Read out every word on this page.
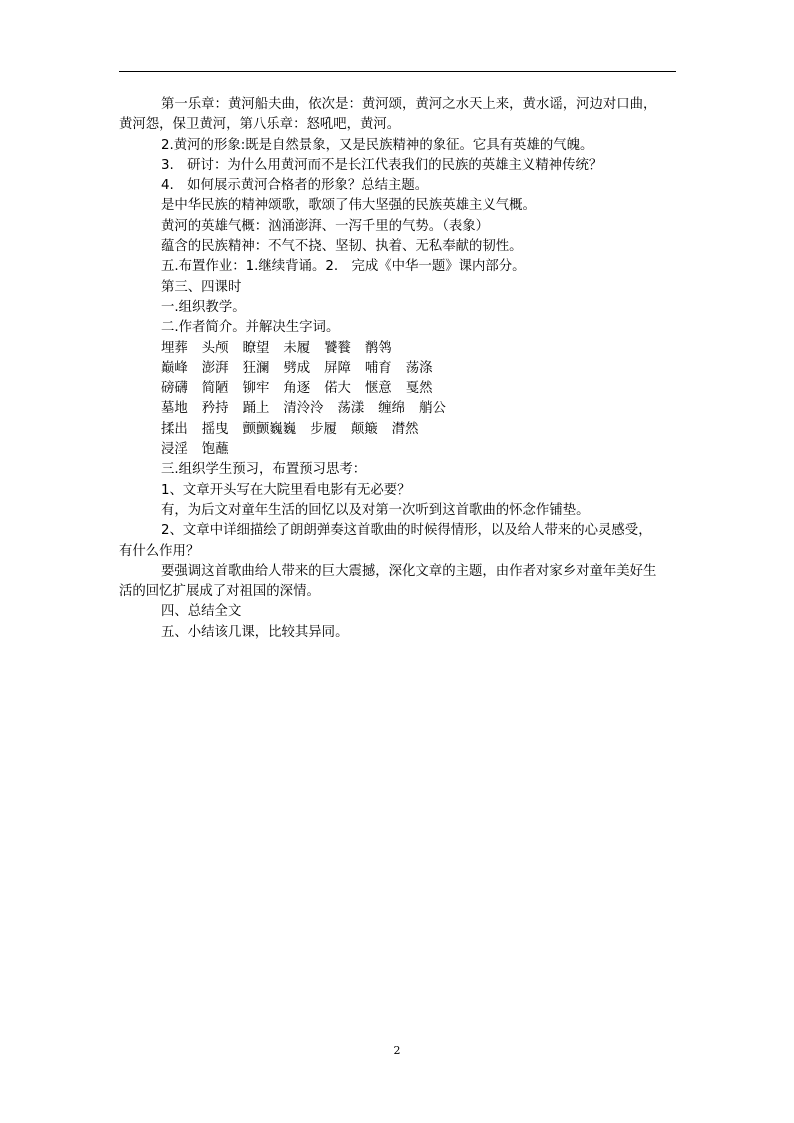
第一乐章：黄河船夫曲，依次是：黄河颂，黄河之水天上来，黄水谣，河边对口曲，
黄河怨，保卫黄河，第八乐章：怒吼吧，黄河。
2.黄河的形象:既是自然景象，又是民族精神的象征。它具有英雄的气魄。
3.　研讨：为什么用黄河而不是长江代表我们的民族的英雄主义精神传统？
4.　如何展示黄河合格者的形象？总结主题。
是中华民族的精神颂歌，歌颂了伟大坚强的民族英雄主义气概。
黄河的英雄气概：汹涌澎湃、一泻千里的气势。（表象）
蕴含的民族精神：不气不挠、坚韧、执着、无私奉献的韧性。
五.布置作业：1.继续背诵。2.　完成《中华一题》课内部分。
第三、四课时
一.组织教学。
二.作者简介。并解决生字词。
埋葬 头颅 瞭望 未履 饕餮 鹡鸰
巅峰 澎湃 狂澜 劈成 屏障 哺育 荡涤
磅礴 简陋 铆牢 角逐 偌大 惬意 戛然
墓地 矜持 踊上 清泠泠 荡漾 缠绵 艄公
揉出 摇曳 颤颤巍巍 步履 颠簸 潸然
浸淫 饱蘸
三.组织学生预习，布置预习思考：
1、文章开头写在大院里看电影有无必要？
有，为后文对童年生活的回忆以及对第一次听到这首歌曲的怀念作铺垫。
2、文章中详细描绘了朗朗弹奏这首歌曲的时候得情形，以及给人带来的心灵感受，
有什么作用？
要强调这首歌曲给人带来的巨大震撼，深化文章的主题，由作者对家乡对童年美好生
活的回忆扩展成了对祖国的深情。
四、总结全文
五、小结该几课，比较其异同。
2
